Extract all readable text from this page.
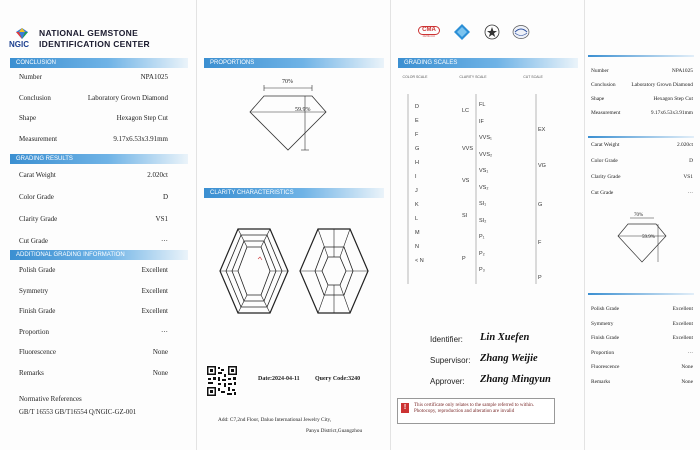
NGIC
NATIONAL GEMSTONE
IDENTIFICATION CENTER
CONCLUSION
Number	NPA1025
Conclusion	Laboratory Grown Diamond
Shape	Hexagon Step Cut
Measurement	9.17x6.53x3.91mm
GRADING RESULTS
Carat Weight	2.020ct
Color Grade	D
Clarity Grade	VS1
Cut Grade	···
ADDITIONAL GRADING INFORMATION
Polish Grade	Excellent
Symmetry	Excellent
Finish Grade	Excellent
Proportion	···
Fluorescence	None
Remarks	None
Normative References
GB/T 16553 GB/T16554 Q/NGIC-GZ-001
PROPORTIONS
70%
59.9%
CLARITY CHARACTERISTICS
Date:2024-04-11	Query Code:3240
Add: C7,2nd Floor, Daluo International Jewelry City,
Panyu District,Guangzhou
CMA
2023041111
GRADING SCALES
COLOR SCALE	CLARITY SCALE	CUT SCALE
D
E
F
G
H
I
J
K
L
M
N
< N
LC
VVS
VS
SI
P
FL
IF
VVS₁
VVS₂
VS₁
VS₂
SI₁
SI₂
P₁
P₂
P₃
EX
VG
G
F
P
Identifier: Lin Xuefen
Supervisor: Zhang Weijie
Approver: Zhang Mingyun
!	This certificate only relates to the sample referred to within. Photocopy, reproduction and alteration are invalid
Number	NPA1025
Conclusion	Laboratory Grown Diamond
Shape	Hexagon Step Cut
Measurement	9.17x6.53x3.91mm
Carat Weight	2.020ct
Color Grade	D
Clarity Grade	VS1
Cut Grade	···
70%
59.9%
Polish Grade	Excellent
Symmetry	Excellent
Finish Grade	Excellent
Proportion	···
Fluorescence	None
Remarks	None
